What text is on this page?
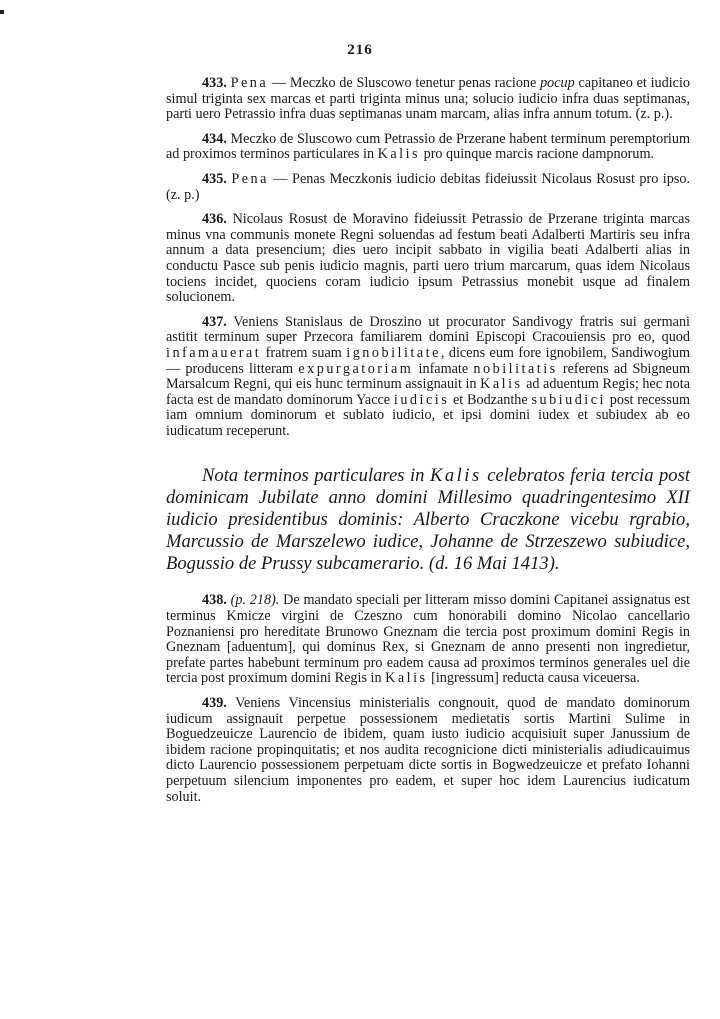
216

433. Pena — Meczko de Sluscowo tenetur penas racione pocup capitaneo et iudicio simul triginta sex marcas et parti triginta minus una; solucio iudicio infra duas septimanas, parti uero Petrassio infra duas septimanas unam marcam, alias infra annum totum. (z. p.).

434. Meczko de Sluscowo cum Petrassio de Przerane habent terminum peremptorium ad proximos terminos particulares in Kalis pro quinque marcis racione dampnorum.

435. Pena — Penas Meczkonis iudicio debitas fideiussit Nicolaus Rosust pro ipso. (z. p.)

436. Nicolaus Rosust de Moravino fideiussit Petrassio de Przerane triginta marcas minus vna communis monete Regni soluendas ad festum beati Adalberti Martiris seu infra annum a data presencium; dies uero incipit sabbato in vigilia beati Adalberti alias in conductu Pasce sub penis iudicio magnis, parti uero trium marcarum, quas idem Nicolaus tociens incidet, quociens coram iudicio ipsum Petrassius monebit usque ad finalem solucionem.

437. Veniens Stanislaus de Droszino ut procurator Sandivogy fratris sui germani astitit terminum super Przecora familiarem domini Episcopi Cracouiensis pro eo, quod infamauerat fratrem suam ignobilitate, dicens eum fore ignobilem, Sandiwogium — producens litteram expurgatoriam infamate nobilitatis referens ad Sbigneum Marsalcum Regni, qui eis hunc terminum assignauit in Kalis ad aduentum Regis; hec nota facta est de mandato dominorum Yacce iudicis et Bodzanthe subiudici post recessum iam omnium dominorum et sublato iudicio, et ipsi domini iudex et subiudex ab eo iudicatum receperunt.

Nota terminos particulares in Kalis celebratos feria tercia post dominicam Jubilate anno domini Millesimo quadringentesimo XII iudicio presidentibus dominis: Alberto Craczkone vicebu rgrabio, Marcussio de Marszelewo iudice, Johanne de Strzeszewo subiudice, Bogussio de Prussy subcamerario. (d. 16 Mai 1413).

438. (p. 218). De mandato speciali per litteram misso domini Capitanei assignatus est terminus Kmicze virgini de Czeszno cum honorabili domino Nicolao cancellario Poznaniensi pro hereditate Brunowo Gneznam die tercia post proximum domini Regis in Gneznam [aduentum], qui dominus Rex, si Gneznam de anno presenti non ingredietur, prefate partes habebunt terminum pro eadem causa ad proximos terminos generales uel die tercia post proximum domini Regis in Kalis [ingressum] reducta causa viceuersa.

439. Veniens Vincensius ministerialis congnouit, quod de mandato dominorum iudicum assignauit perpetue possessionem medietatis sortis Martini Sulime in Boguedzeuicze Laurencio de ibidem, quam iusto iudicio acquisiuit super Janussium de ibidem racione propinquitatis; et nos audita recognicione dicti ministerialis adiudicauimus dicto Laurencio possessionem perpetuam dicte sortis in Bogwedzeuicze et prefato Iohanni perpetuum silencium imponentes pro eadem, et super hoc idem Laurencius iudicatum soluit.
